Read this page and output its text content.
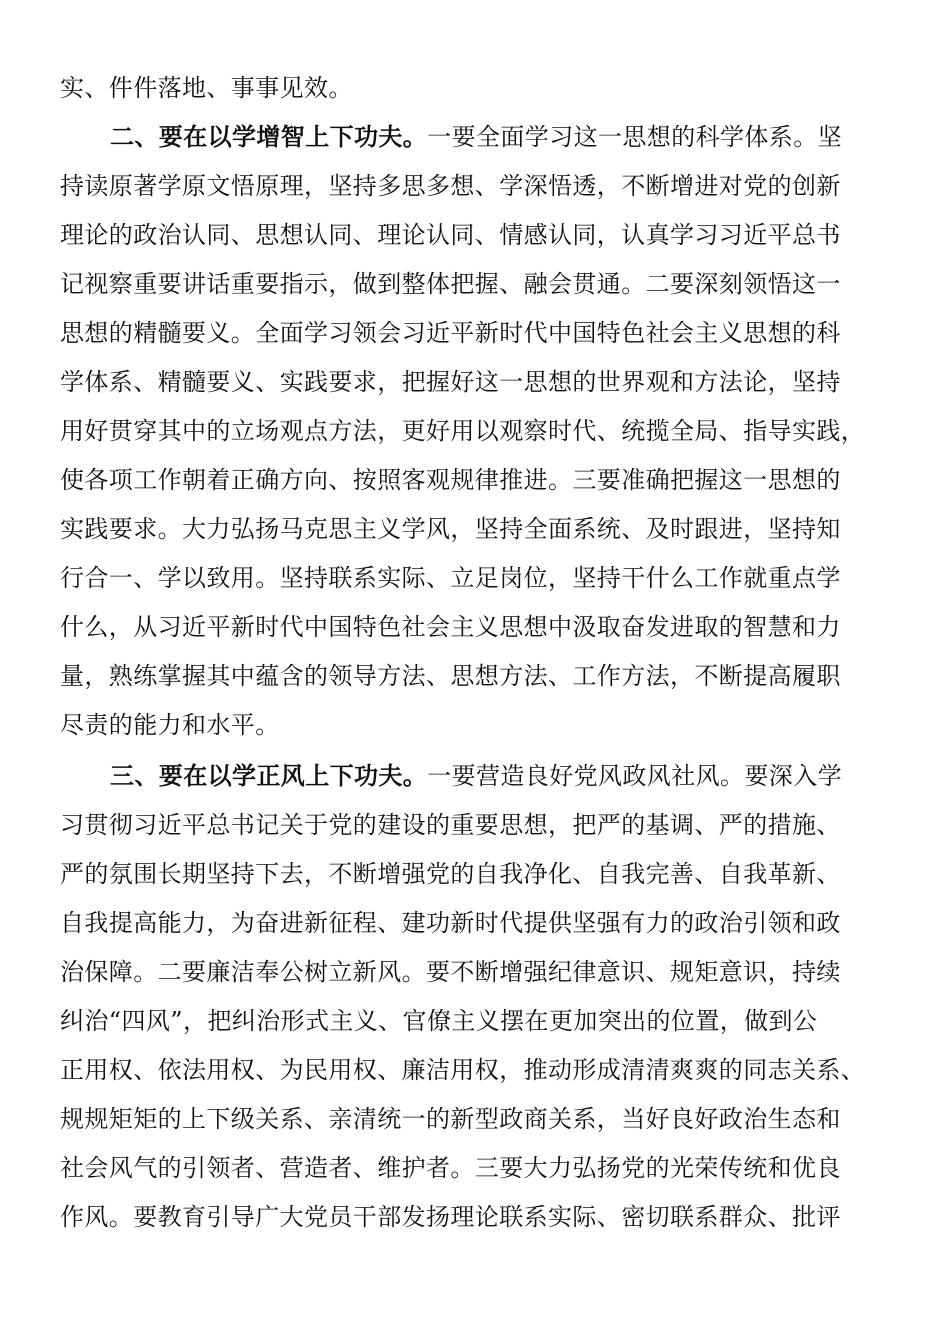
实、件件落地、事事见效。
二、要在以学增智上下功夫。一要全面学习这一思想的科学体系。坚
持读原著学原文悟原理，坚持多思多想、学深悟透，不断增进对党的创新
理论的政治认同、思想认同、理论认同、情感认同，认真学习习近平总书
记视察重要讲话重要指示，做到整体把握、融会贯通。二要深刻领悟这一
思想的精髓要义。全面学习领会习近平新时代中国特色社会主义思想的科
学体系、精髓要义、实践要求，把握好这一思想的世界观和方法论，坚持
用好贯穿其中的立场观点方法，更好用以观察时代、统揽全局、指导实践，
使各项工作朝着正确方向、按照客观规律推进。三要准确把握这一思想的
实践要求。大力弘扬马克思主义学风，坚持全面系统、及时跟进，坚持知
行合一、学以致用。坚持联系实际、立足岗位，坚持干什么工作就重点学
什么，从习近平新时代中国特色社会主义思想中汲取奋发进取的智慧和力
量，熟练掌握其中蕴含的领导方法、思想方法、工作方法，不断提高履职
尽责的能力和水平。
三、要在以学正风上下功夫。一要营造良好党风政风社风。要深入学
习贯彻习近平总书记关于党的建设的重要思想，把严的基调、严的措施、
严的氛围长期坚持下去，不断增强党的自我净化、自我完善、自我革新、
自我提高能力，为奋进新征程、建功新时代提供坚强有力的政治引领和政
治保障。二要廉洁奉公树立新风。要不断增强纪律意识、规矩意识，持续
纠治“四风”，把纠治形式主义、官僚主义摆在更加突出的位置，做到公
正用权、依法用权、为民用权、廉洁用权，推动形成清清爽爽的同志关系、
规规矩矩的上下级关系、亲清统一的新型政商关系，当好良好政治生态和
社会风气的引领者、营造者、维护者。三要大力弘扬党的光荣传统和优良
作风。要教育引导广大党员干部发扬理论联系实际、密切联系群众、批评
